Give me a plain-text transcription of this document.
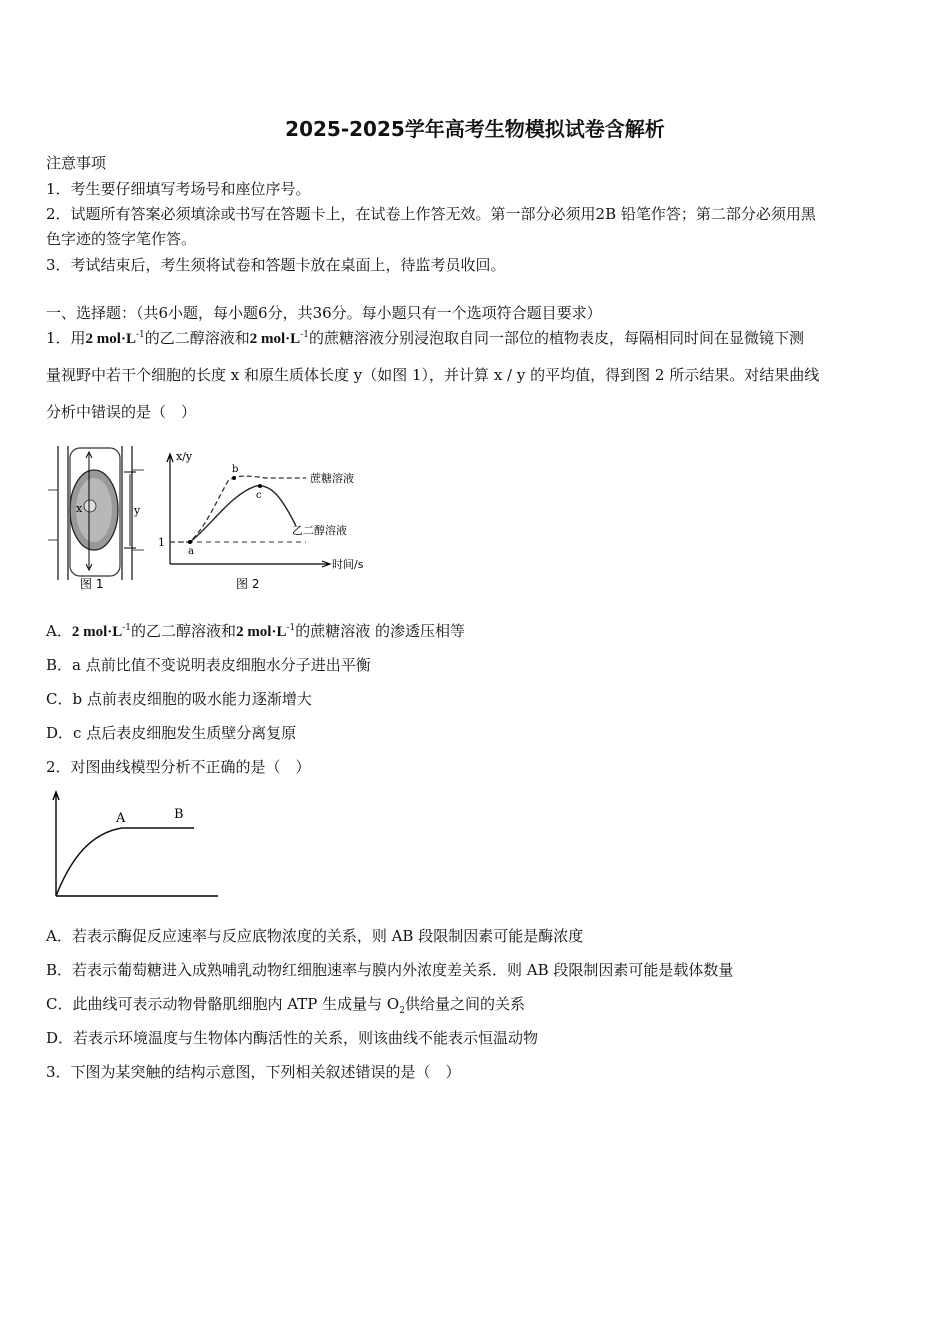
2025-2025学年高考生物模拟试卷含解析
注意事项
1．考生要仔细填写考场号和座位序号。
2．试题所有答案必须填涂或书写在答题卡上，在试卷上作答无效。第一部分必须用2B 铅笔作答；第二部分必须用黑
色字迹的签字笔作答。
3．考试结束后，考生须将试卷和答题卡放在桌面上，待监考员收回。
一、选择题：（共6小题，每小题6分，共36分。每小题只有一个选项符合题目要求）
1．用2 $mol\cdot L^{-1}$的乙二醇溶液和2 $mol\cdot L^{-1}$的蔗糖溶液分别浸泡取自同一部位的植物表皮，每隔相同时间在显微镜下测
量视野中若干个细胞的长度 x 和原生质体长度 y（如图 1），并计算 x / y 的平均值，得到图 2 所示结果。对结果曲线
分析中错误的是（　）
x	y
图 1
x/y
1
a
b
c
蔗糖溶液
乙二醇溶液
时间/s
图 2
A．2 $mol\cdot L^{-1}$的乙二醇溶液和2 $mol\cdot L^{-1}$的蔗糖溶液 的渗透压相等
B．a 点前比值不变说明表皮细胞水分子进出平衡
C．b 点前表皮细胞的吸水能力逐渐增大
D．c 点后表皮细胞发生质壁分离复原
2．对图曲线模型分析不正确的是（　）
A	B
A．若表示酶促反应速率与反应底物浓度的关系，则 AB 段限制因素可能是酶浓度
B．若表示葡萄糖进入成熟哺乳动物红细胞速率与膜内外浓度差关系．则 AB 段限制因素可能是载体数量
C．此曲线可表示动物骨骼肌细胞内 ATP 生成量与 $O_2$供给量之间的关系
D．若表示环境温度与生物体内酶活性的关系，则该曲线不能表示恒温动物
3．下图为某突触的结构示意图，下列相关叙述错误的是（　）
